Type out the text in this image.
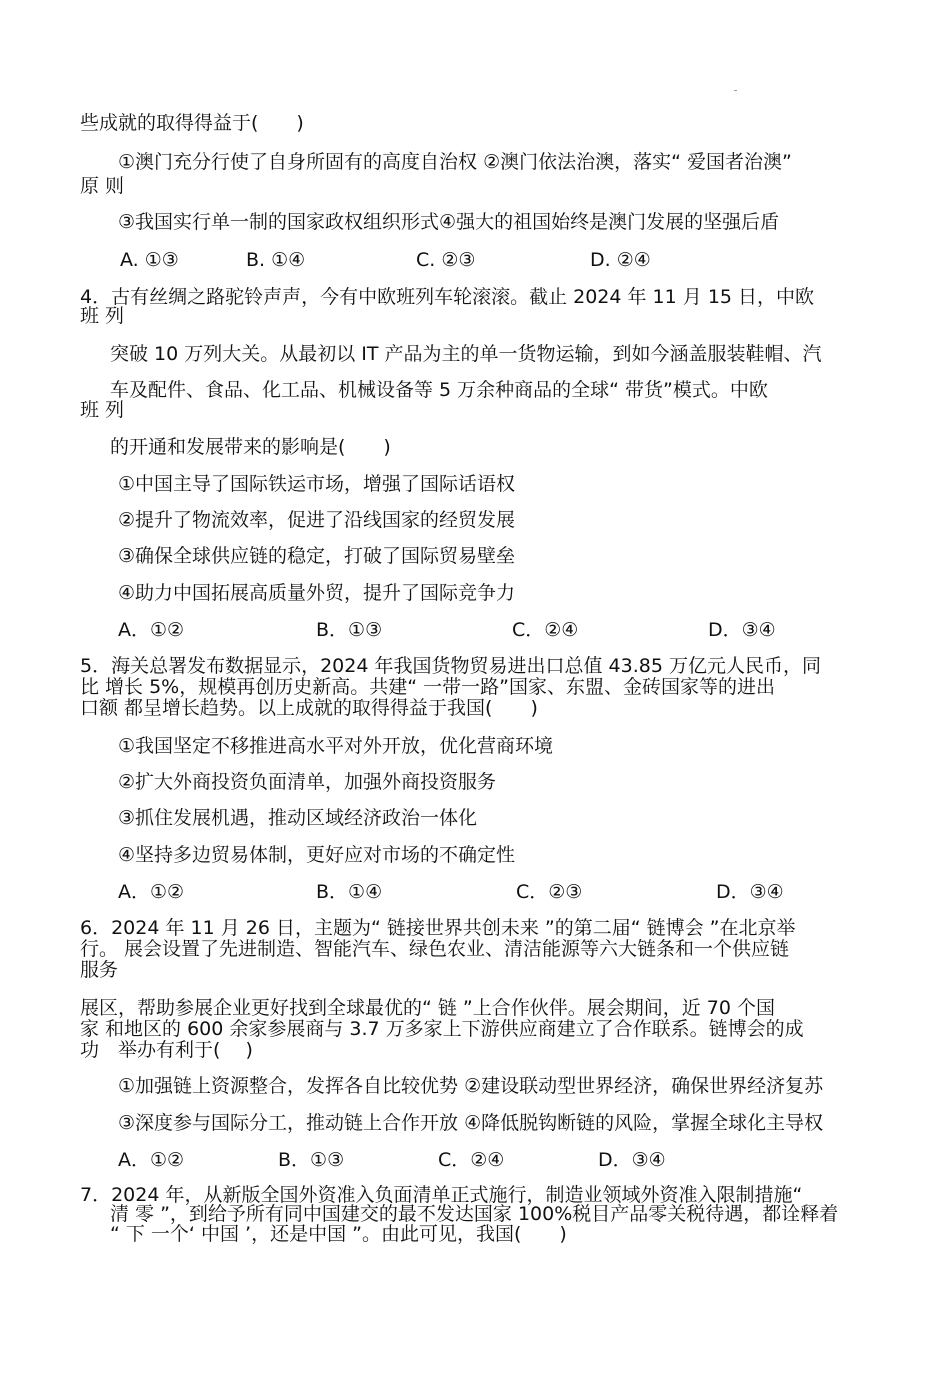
些成就的取得得益于(　　)
①澳门充分行使了自身所固有的高度自治权 ②澳门依法治澳，落实“ 爱国者治澳”
原 则
③我国实行单一制的国家政权组织形式④强大的祖国始终是澳门发展的坚强后盾
A. ①③	B. ①④	C. ②③	D. ②④
4．古有丝绸之路驼铃声声，今有中欧班列车轮滚滚。截止 2024 年 11 月 15 日，中欧
班 列
突破 10 万列大关。从最初以 IT 产品为主的单一货物运输，到如今涵盖服装鞋帽、汽
车及配件、食品、化工品、机械设备等 5 万余种商品的全球“ 带货”模式。中欧
班 列
的开通和发展带来的影响是(　　)
①中国主导了国际铁运市场，增强了国际话语权
②提升了物流效率，促进了沿线国家的经贸发展
③确保全球供应链的稳定，打破了国际贸易壁垒
④助力中国拓展高质量外贸，提升了国际竞争力
A．①②	B．①③	C．②④	D．③④
5．海关总署发布数据显示，2024 年我国货物贸易进出口总值 43.85 万亿元人民币，同
比 增长 5%，规模再创历史新高。共建“ 一带一路”国家、东盟、金砖国家等的进出
口额 都呈增长趋势。以上成就的取得得益于我国(　　)
①我国坚定不移推进高水平对外开放，优化营商环境
②扩大外商投资负面清单，加强外商投资服务
③抓住发展机遇，推动区域经济政治一体化
④坚持多边贸易体制，更好应对市场的不确定性
A．①②	B．①④	C．②③	D．③④
6．2024 年 11 月 26 日，主题为“ 链接世界共创未来 ”的第二届“ 链博会 ”在北京举
行。 展会设置了先进制造、智能汽车、绿色农业、清洁能源等六大链条和一个供应链
服务
展区，帮助参展企业更好找到全球最优的“ 链 ”上合作伙伴。展会期间，近 70 个国
家 和地区的 600 余家参展商与 3.7 万多家上下游供应商建立了合作联系。链博会的成
功　举办有利于(　 )
①加强链上资源整合，发挥各自比较优势 ②建设联动型世界经济，确保世界经济复苏
③深度参与国际分工，推动链上合作开放 ④降低脱钩断链的风险，掌握全球化主导权
A．①②	B．①③	C．②④	D．③④
7．2024 年，从新版全国外资准入负面清单正式施行，制造业领域外资准入限制措施“
清 零 ”，到给予所有同中国建交的最不发达国家 100%税目产品零关税待遇，都诠释着
“ 下 一个‘ 中国 ’，还是中国 ”。由此可见，我国(　　)
